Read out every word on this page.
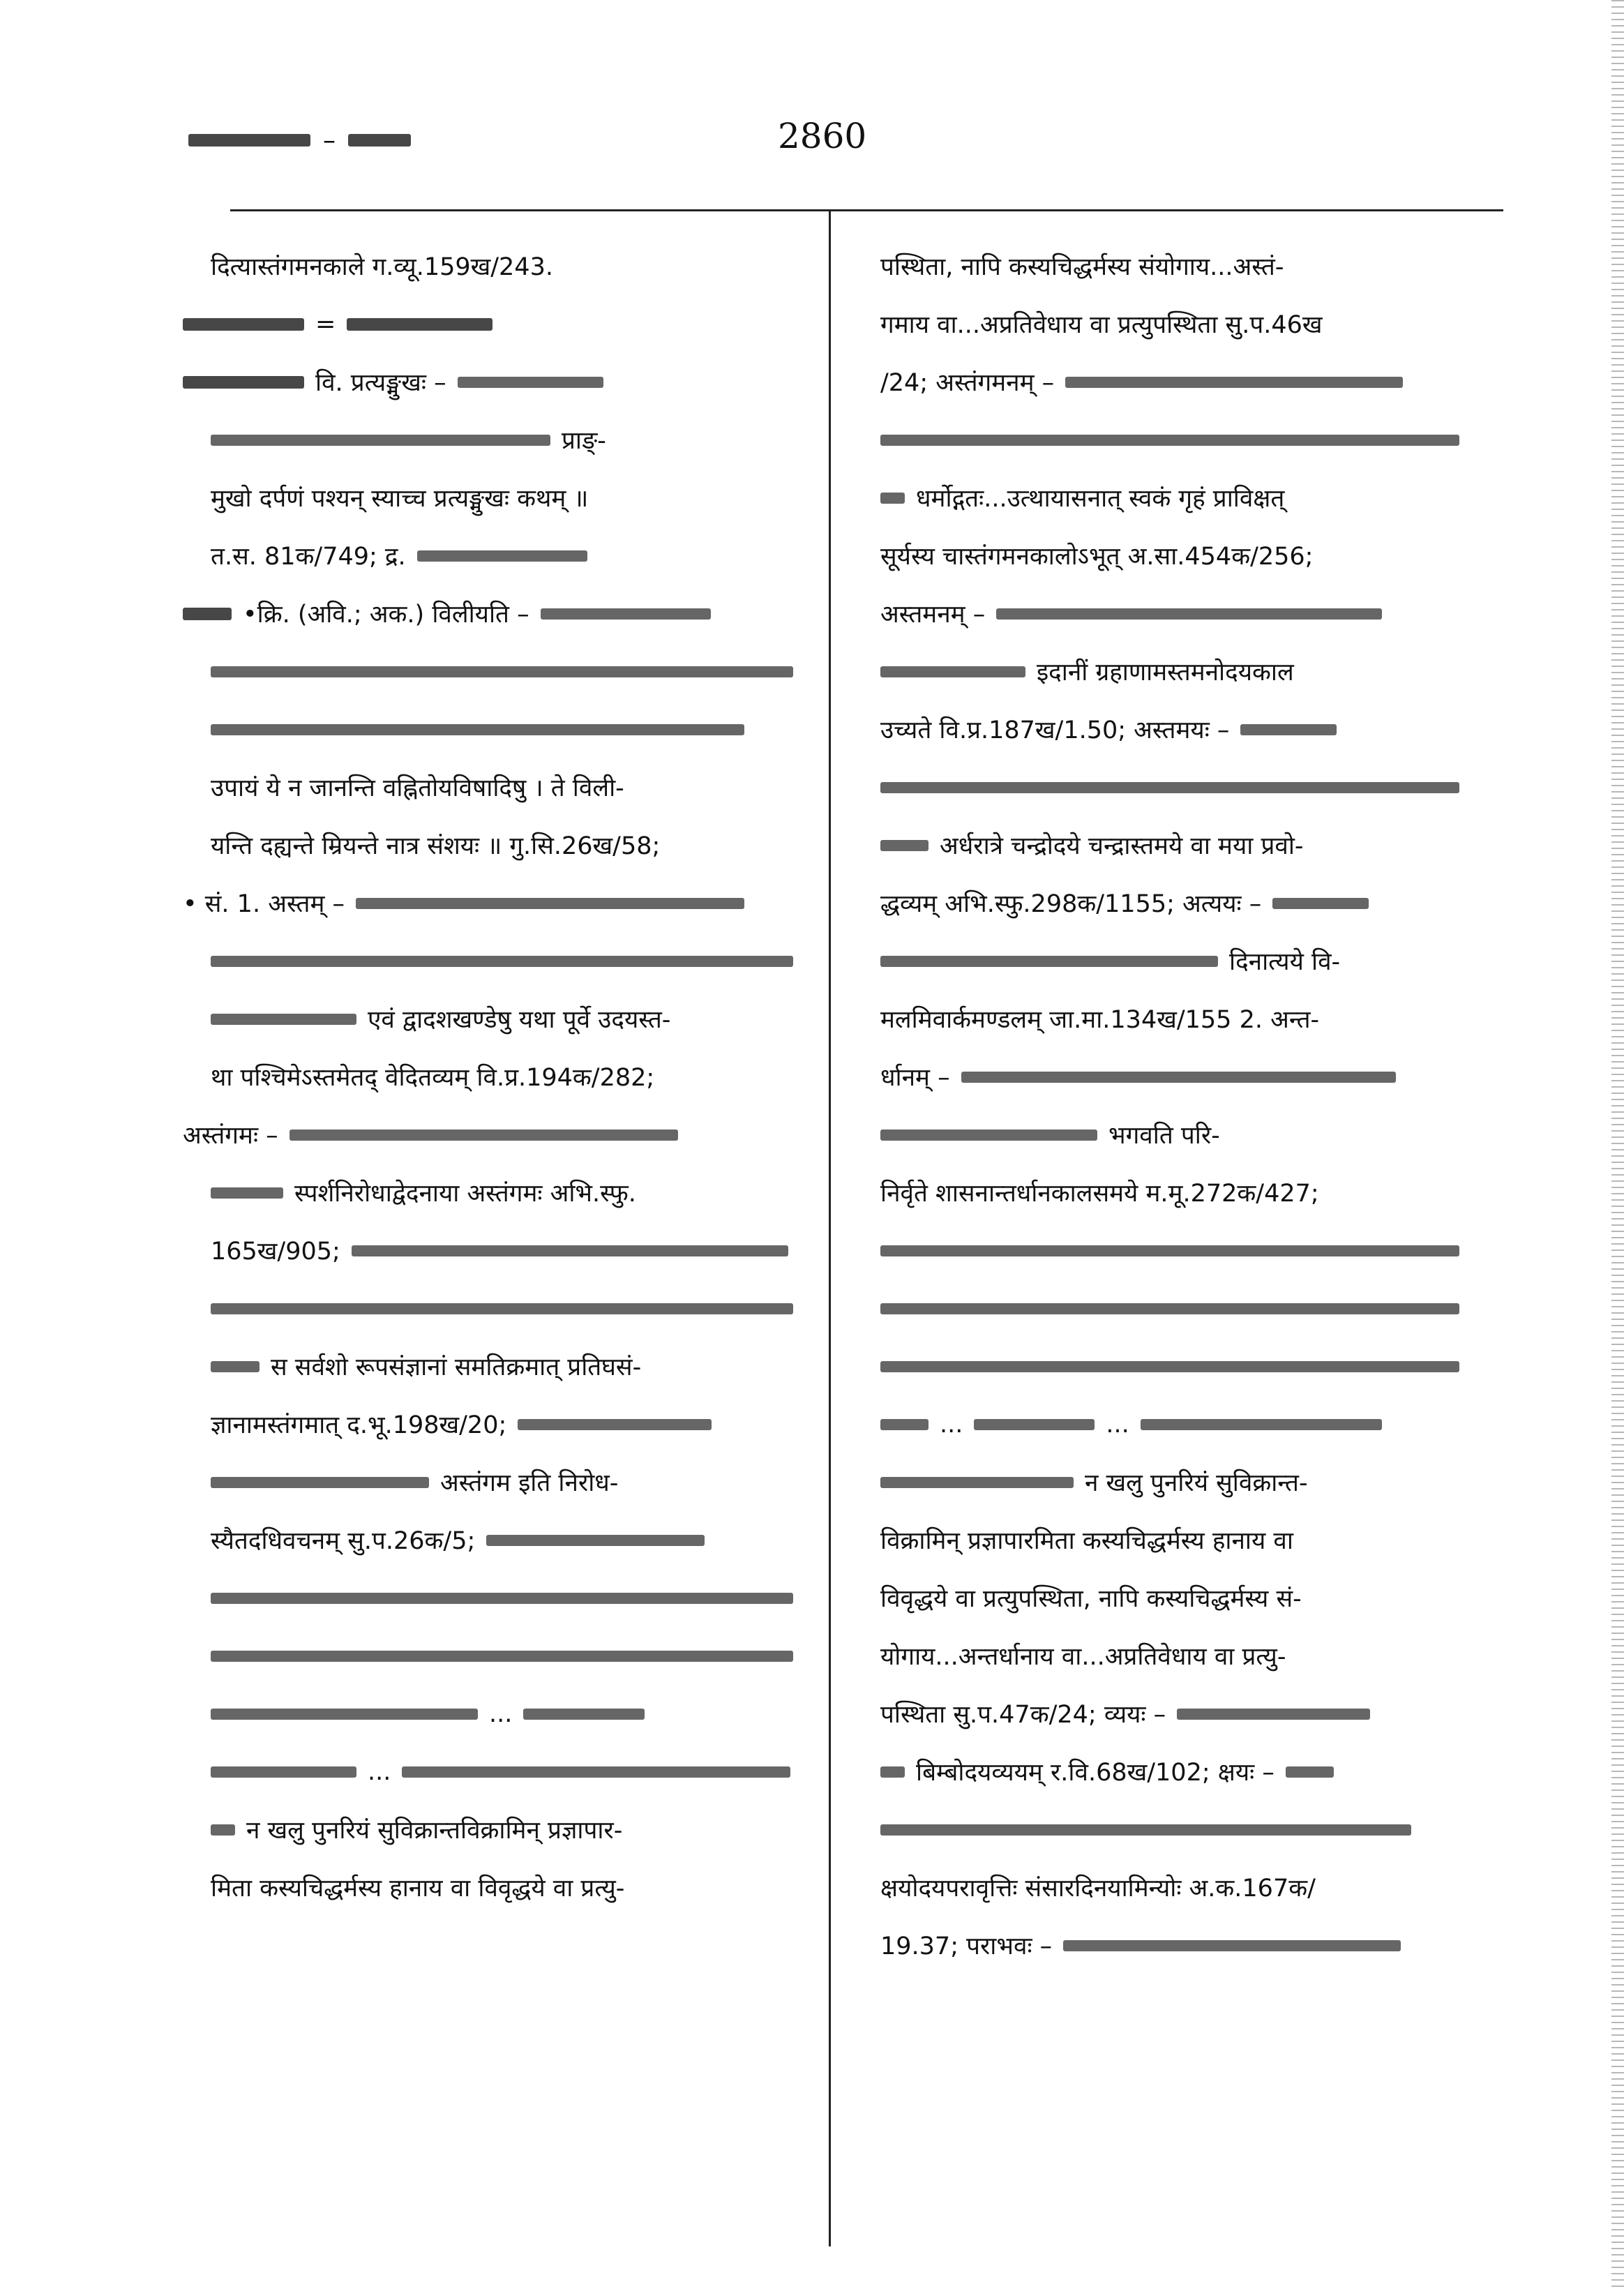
–	2860
दित्यास्तंगमनकाले ग.व्यू.159ख/243.
=
वि. प्रत्यङ्मुखः –
प्राङ्-
मुखो दर्पणं पश्यन् स्याच्च प्रत्यङ्मुखः कथम् ॥
त.स. 81क/749; द्र.
•क्रि. (अवि.; अक.) विलीयति –
उपायं ये न जानन्ति वह्नितोयविषादिषु । ते विली-
यन्ति दह्यन्ते म्रियन्ते नात्र संशयः ॥ गु.सि.26ख/58;
• सं. 1. अस्तम् –
एवं द्वादशखण्डेषु यथा पूर्वे उदयस्त-
था पश्चिमेऽस्तमेतद् वेदितव्यम् वि.प्र.194क/282;
अस्तंगमः –
स्पर्शनिरोधाद्वेदनाया अस्तंगमः अभि.स्फु.
165ख/905;
स सर्वशो रूपसंज्ञानां समतिक्रमात् प्रतिघसं-
ज्ञानामस्तंगमात् द.भू.198ख/20;
अस्तंगम इति निरोध-
स्यैतदधिवचनम् सु.प.26क/5;
...
...
न खलु पुनरियं सुविक्रान्तविक्रामिन् प्रज्ञापार-
मिता कस्यचिद्धर्मस्य हानाय वा विवृद्धये वा प्रत्यु-
पस्थिता, नापि कस्यचिद्धर्मस्य संयोगाय...अस्तं-
गमाय वा...अप्रतिवेधाय वा प्रत्युपस्थिता सु.प.46ख
/24; अस्तंगमनम् –
धर्मोद्गतः...उत्थायासनात् स्वकं गृहं प्राविक्षत्
सूर्यस्य चास्तंगमनकालोऽभूत् अ.सा.454क/256;
अस्तमनम् –
इदानीं ग्रहाणामस्तमनोदयकाल
उच्यते वि.प्र.187ख/1.50; अस्तमयः –
अर्धरात्रे चन्द्रोदये चन्द्रास्तमये वा मया प्रवो-
द्धव्यम् अभि.स्फु.298क/1155; अत्ययः –
दिनात्यये वि-
मलमिवार्कमण्डलम् जा.मा.134ख/155 2. अन्त-
र्धानम् –
भगवति परि-
निर्वृते शासनान्तर्धानकालसमये म.मू.272क/427;
...	...
न खलु पुनरियं सुविक्रान्त-
विक्रामिन् प्रज्ञापारमिता कस्यचिद्धर्मस्य हानाय वा
विवृद्धये वा प्रत्युपस्थिता, नापि कस्यचिद्धर्मस्य सं-
योगाय...अन्तर्धानाय वा...अप्रतिवेधाय वा प्रत्यु-
पस्थिता सु.प.47क/24; व्ययः –
बिम्बोदयव्ययम् र.वि.68ख/102; क्षयः –
क्षयोदयपरावृत्तिः संसारदिनयामिन्योः अ.क.167क/
19.37; पराभवः –
